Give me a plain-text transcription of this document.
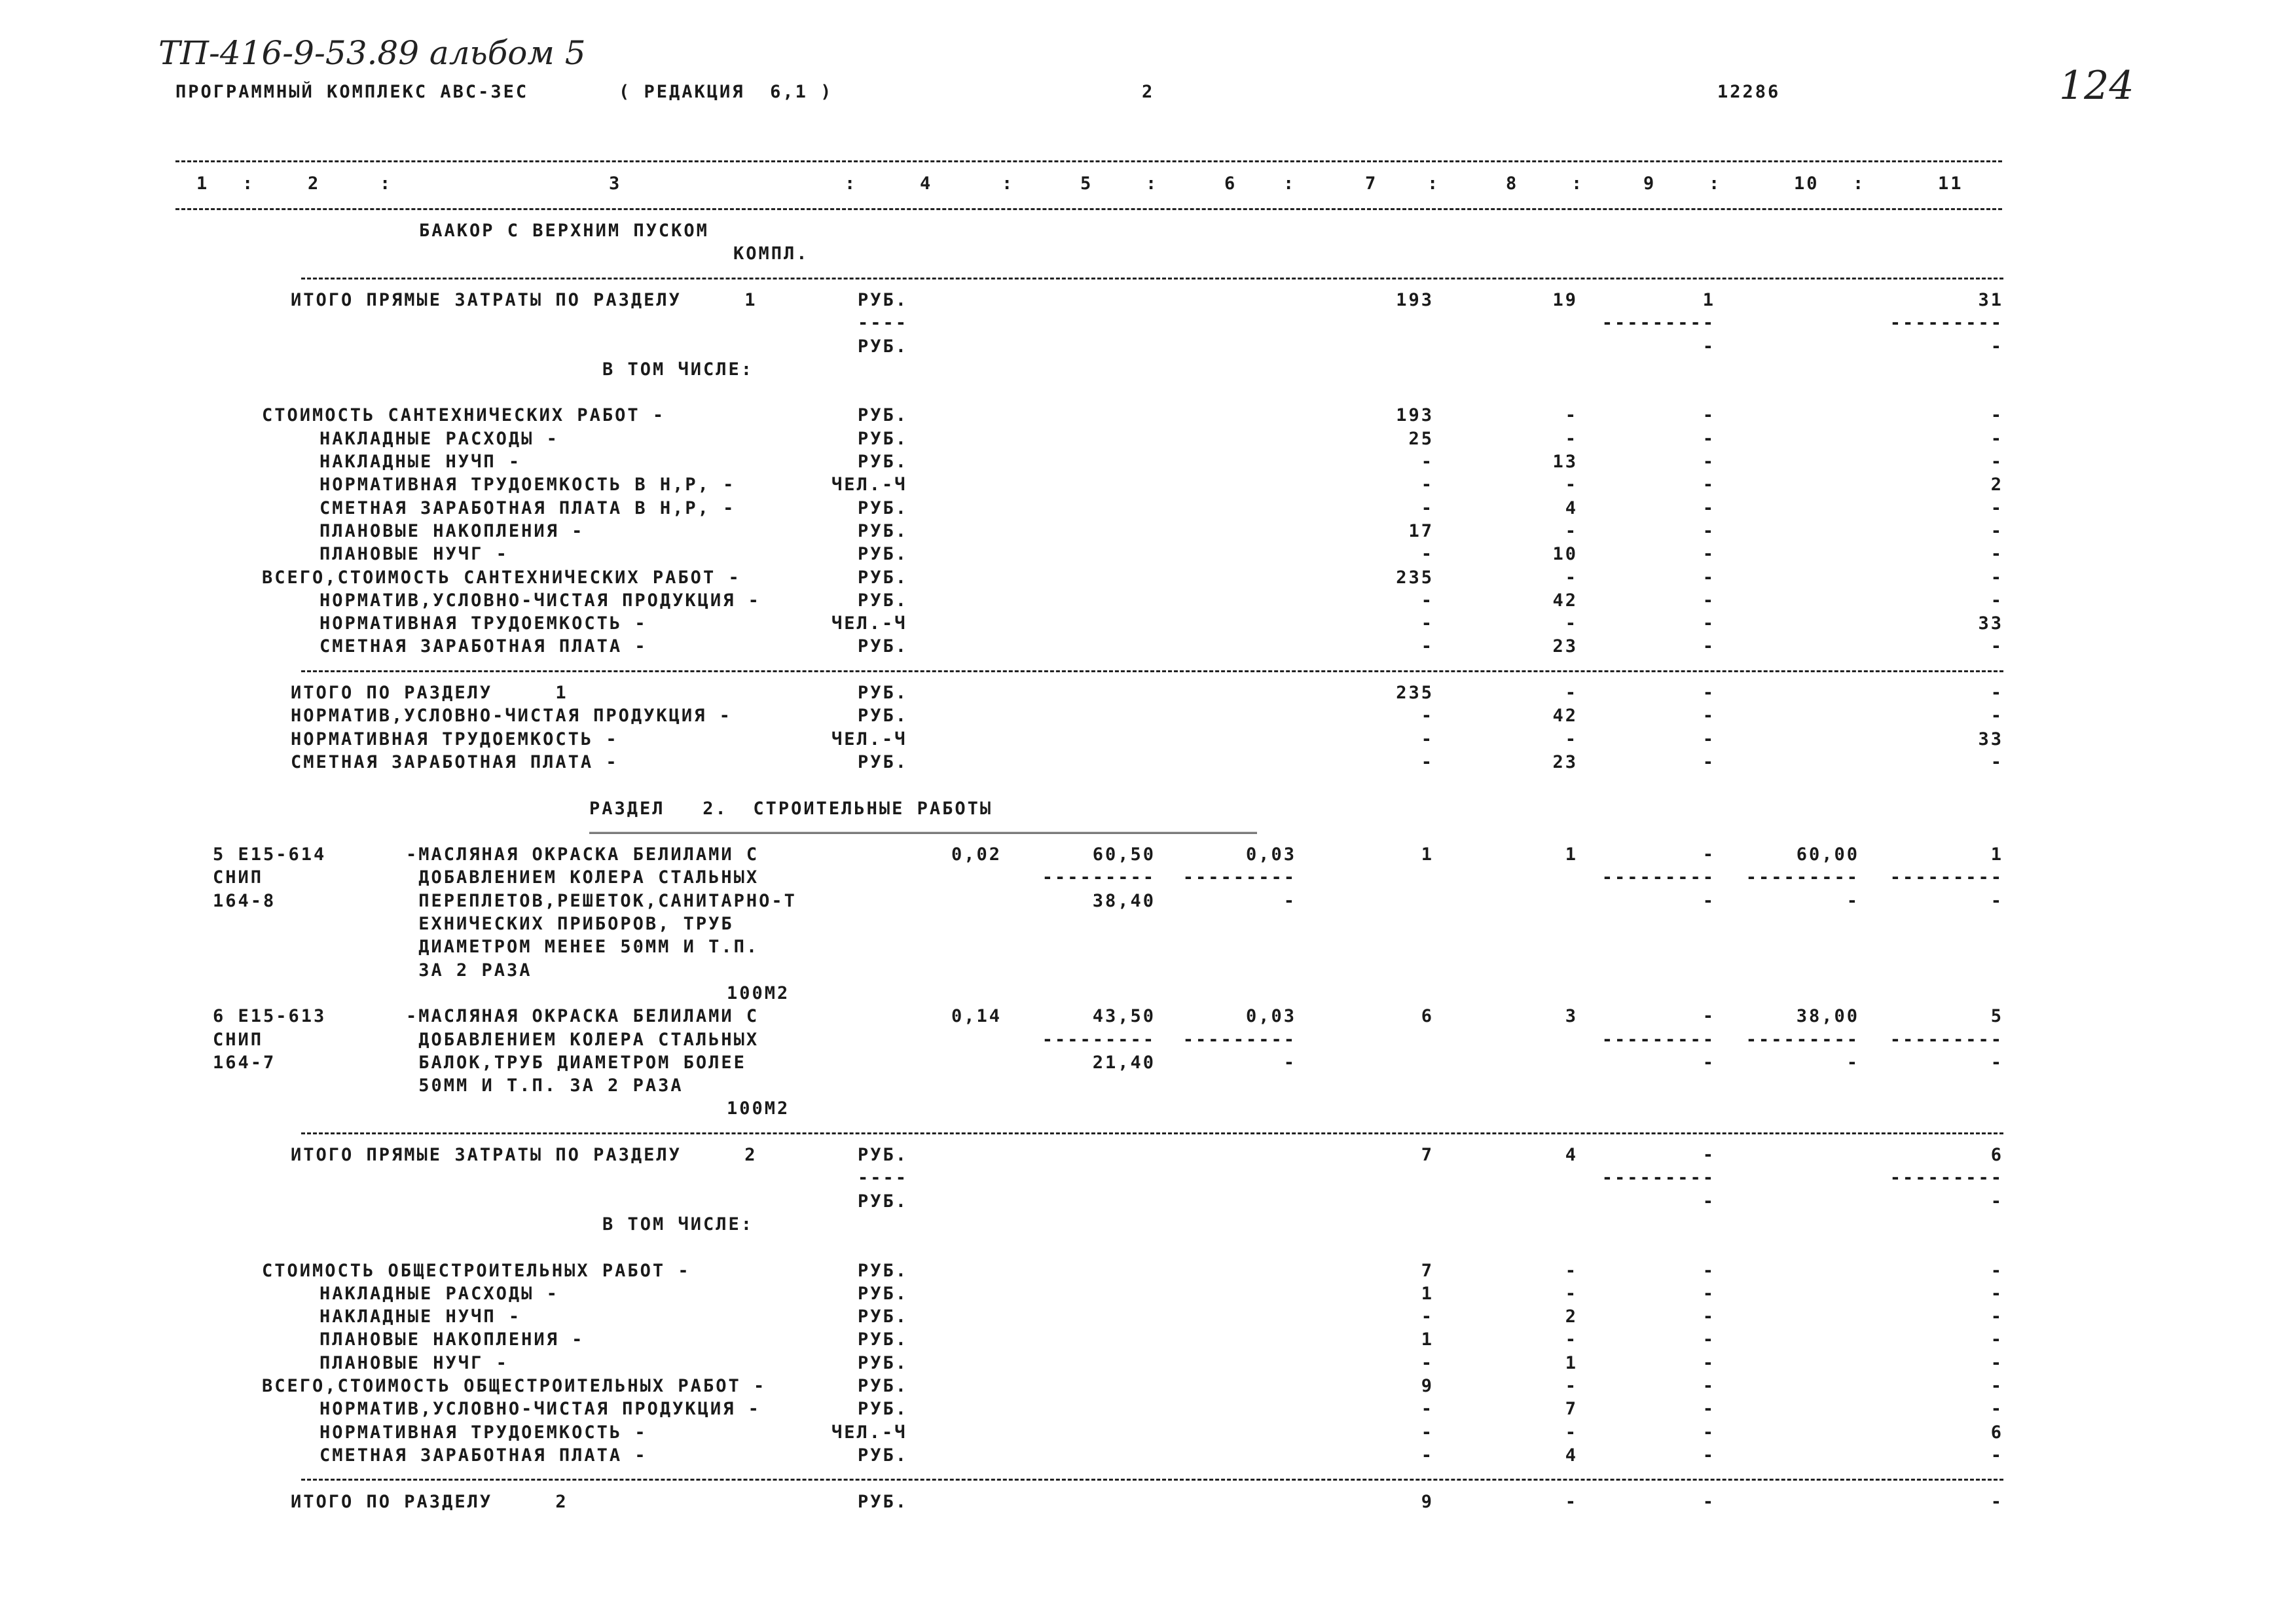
ТП-416-9-53.89 альбом 5
124
ПРОГРАММНЫЙ КОМПЛЕКС АВС-3ЕС	( РЕДАКЦИЯ  6,1 )	2	12286
1	2	3	4	5	6	7	8	9	10	11
:	:	:	:	:	:	:	:	:	:
БААКОР С ВЕРХНИМ ПУСКОМ
КОМПЛ.
ИТОГО ПРЯМЫЕ ЗАТРАТЫ ПО РАЗДЕЛУ     1	РУБ.	193	19	1	31
----	---------	---------
РУБ.	-	-
В ТОМ ЧИСЛЕ:
СТОИМОСТЬ САНТЕХНИЧЕСКИХ РАБОТ -	РУБ.	193	-	-	-
НАКЛАДНЫЕ РАСХОДЫ -	РУБ.	25	-	-	-
НАКЛАДНЫЕ НУЧП -	РУБ.	-	13	-	-
НОРМАТИВНАЯ ТРУДОЕМКОСТЬ В Н,Р, -	ЧЕЛ.-Ч	-	-	-	2
СМЕТНАЯ ЗАРАБОТНАЯ ПЛАТА В Н,Р, -	РУБ.	-	4	-	-
ПЛАНОВЫЕ НАКОПЛЕНИЯ -	РУБ.	17	-	-	-
ПЛАНОВЫЕ НУЧГ -	РУБ.	-	10	-	-
ВСЕГО,СТОИМОСТЬ САНТЕХНИЧЕСКИХ РАБОТ -	РУБ.	235	-	-	-
НОРМАТИВ,УСЛОВНО-ЧИСТАЯ ПРОДУКЦИЯ -	РУБ.	-	42	-	-
НОРМАТИВНАЯ ТРУДОЕМКОСТЬ -	ЧЕЛ.-Ч	-	-	-	33
СМЕТНАЯ ЗАРАБОТНАЯ ПЛАТА -	РУБ.	-	23	-	-
ИТОГО ПО РАЗДЕЛУ     1	РУБ.	235	-	-	-
НОРМАТИВ,УСЛОВНО-ЧИСТАЯ ПРОДУКЦИЯ -	РУБ.	-	42	-	-
НОРМАТИВНАЯ ТРУДОЕМКОСТЬ -	ЧЕЛ.-Ч	-	-	-	33
СМЕТНАЯ ЗАРАБОТНАЯ ПЛАТА -	РУБ.	-	23	-	-
РАЗДЕЛ   2.  СТРОИТЕЛЬНЫЕ РАБОТЫ
5 Е15-614	-МАСЛЯНАЯ ОКРАСКА БЕЛИЛАМИ С	0,02	60,50	0,03	1	1	-	60,00	1
СНИП	ДОБАВЛЕНИЕМ КОЛЕРА СТАЛЬНЫХ	---------	---------	---------	---------	---------
164-8	ПЕРЕПЛЕТОВ,РЕШЕТОК,САНИТАРНО-Т	38,40	-	-	-	-
ЕХНИЧЕСКИХ ПРИБОРОВ, ТРУБ
ДИАМЕТРОМ МЕНЕЕ 50ММ И Т.П.
ЗА 2 РАЗА
100М2
6 Е15-613	-МАСЛЯНАЯ ОКРАСКА БЕЛИЛАМИ С	0,14	43,50	0,03	6	3	-	38,00	5
СНИП	ДОБАВЛЕНИЕМ КОЛЕРА СТАЛЬНЫХ	---------	---------	---------	---------	---------
164-7	БАЛОК,ТРУБ ДИАМЕТРОМ БОЛЕЕ	21,40	-	-	-	-
50ММ И Т.П. ЗА 2 РАЗА
100М2
ИТОГО ПРЯМЫЕ ЗАТРАТЫ ПО РАЗДЕЛУ     2	РУБ.	7	4	-	6
----	---------	---------
РУБ.	-	-
В ТОМ ЧИСЛЕ:
СТОИМОСТЬ ОБЩЕСТРОИТЕЛЬНЫХ РАБОТ -	РУБ.	7	-	-	-
НАКЛАДНЫЕ РАСХОДЫ -	РУБ.	1	-	-	-
НАКЛАДНЫЕ НУЧП -	РУБ.	-	2	-	-
ПЛАНОВЫЕ НАКОПЛЕНИЯ -	РУБ.	1	-	-	-
ПЛАНОВЫЕ НУЧГ -	РУБ.	-	1	-	-
ВСЕГО,СТОИМОСТЬ ОБЩЕСТРОИТЕЛЬНЫХ РАБОТ -	РУБ.	9	-	-	-
НОРМАТИВ,УСЛОВНО-ЧИСТАЯ ПРОДУКЦИЯ -	РУБ.	-	7	-	-
НОРМАТИВНАЯ ТРУДОЕМКОСТЬ -	ЧЕЛ.-Ч	-	-	-	6
СМЕТНАЯ ЗАРАБОТНАЯ ПЛАТА -	РУБ.	-	4	-	-
ИТОГО ПО РАЗДЕЛУ     2	РУБ.	9	-	-	-
